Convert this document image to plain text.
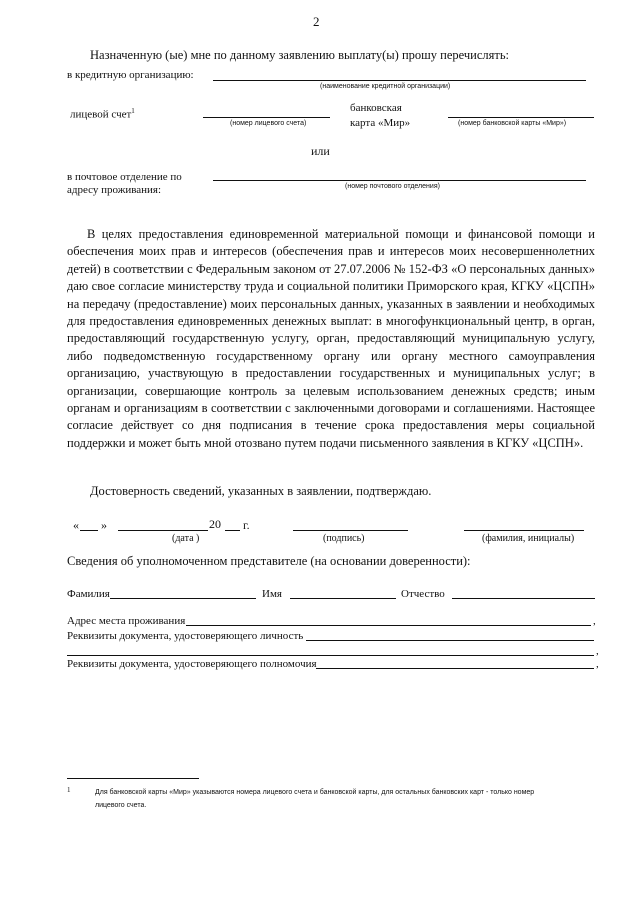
2
Назначенную (ые) мне по данному заявлению выплату(ы) прошу перечислять:
в кредитную организацию:
(наименование кредитной организации)
лицевой счет$^1$
(номер лицевого счета)
банковская
карта «Мир»	(номер банковской карты «Мир»)
или
в почтовое отделение по
адресу проживания:	(номер почтового отделения)
В целях предоставления единовременной материальной помощи и финансовой помощи и обеспечения моих прав и интересов (обеспечения прав и интересов моих несовершеннолетних детей) в соответствии с Федеральным законом от 27.07.2006 № 152-ФЗ «О персональных данных» даю свое согласие министерству труда и социальной политики Приморского края, КГКУ «ЦСПН» на передачу (предоставление) моих персональных данных, указанных в заявлении и необходимых для предоставления единовременных денежных выплат: в многофункциональный центр, в орган, предоставляющий государственную услугу, орган, предоставляющий муниципальную услугу, либо подведомственную государственному органу или органу местного самоуправления организацию, участвующую в предоставлении государственных и муниципальных услуг; в организации, совершающие контроль за целевым использованием денежных средств; иным органам и организациям в соответствии с заключенными договорами и соглашениями. Настоящее согласие действует со дня подписания в течение срока предоставления меры социальной поддержки и может быть мной отозвано путем подачи письменного заявления в КГКУ «ЦСПН».
Достоверность сведений, указанных в заявлении, подтверждаю.
« »	20 г.
(дата )	(подпись)	(фамилия, инициалы)
Сведения об уполномоченном представителе (на основании доверенности):
Фамилия	Имя	Отчество
Адрес места проживания	,
Реквизиты документа, удостоверяющего личность
,
Реквизиты документа, удостоверяющего полномочия	,
1	Для банковской карты «Мир» указываются номера лицевого счета и банковской карты, для остальных банковских карт - только номер
лицевого счета.
